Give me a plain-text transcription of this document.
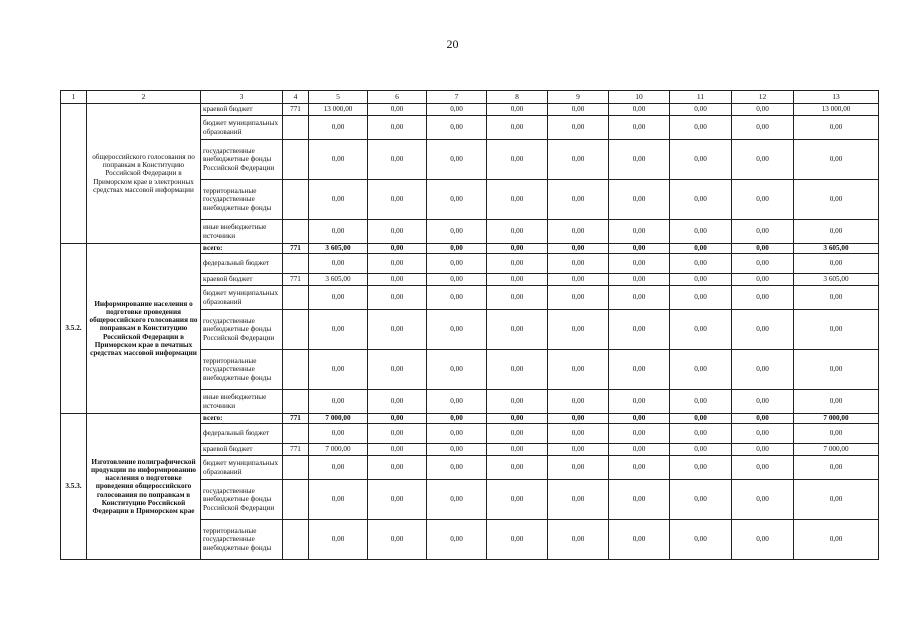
20
1	2	3	4	5	6	7	8	9	10	11	12	13
	общероссийского голосования по поправкам в Конституцию Российской Федерации в Приморском крае в электронных средствах массовой информации	краевой бюджет	771	13 000,00	0,00	0,00	0,00	0,00	0,00	0,00	0,00	13 000,00
		бюджет муниципальных образований		0,00	0,00	0,00	0,00	0,00	0,00	0,00	0,00	0,00
		государственные внебюджетные фонды Российской Федерации		0,00	0,00	0,00	0,00	0,00	0,00	0,00	0,00	0,00
		территориальные государственные внебюджетные фонды		0,00	0,00	0,00	0,00	0,00	0,00	0,00	0,00	0,00
		иные внебюджетные источники		0,00	0,00	0,00	0,00	0,00	0,00	0,00	0,00	0,00
3.5.2.	Информирование населения о подготовке проведения общероссийского голосования по поправкам в Конституцию Российской Федерации в Приморском крае в печатных средствах массовой информации	всего:	771	3 605,00	0,00	0,00	0,00	0,00	0,00	0,00	0,00	3 605,00
		федеральный бюджет		0,00	0,00	0,00	0,00	0,00	0,00	0,00	0,00	0,00
		краевой бюджет	771	3 605,00	0,00	0,00	0,00	0,00	0,00	0,00	0,00	3 605,00
		бюджет муниципальных образований		0,00	0,00	0,00	0,00	0,00	0,00	0,00	0,00	0,00
		государственные внебюджетные фонды Российской Федерации		0,00	0,00	0,00	0,00	0,00	0,00	0,00	0,00	0,00
		территориальные государственные внебюджетные фонды		0,00	0,00	0,00	0,00	0,00	0,00	0,00	0,00	0,00
		иные внебюджетные источники		0,00	0,00	0,00	0,00	0,00	0,00	0,00	0,00	0,00
3.5.3.	Изготовление полиграфической продукции по информированию населения о подготовке проведения общероссийского голосования по поправкам в Конституцию Российской Федерации в Приморском крае	всего:	771	7 000,00	0,00	0,00	0,00	0,00	0,00	0,00	0,00	7 000,00
		федеральный бюджет		0,00	0,00	0,00	0,00	0,00	0,00	0,00	0,00	0,00
		краевой бюджет	771	7 000,00	0,00	0,00	0,00	0,00	0,00	0,00	0,00	7 000,00
		бюджет муниципальных образований		0,00	0,00	0,00	0,00	0,00	0,00	0,00	0,00	0,00
		государственные внебюджетные фонды Российской Федерации		0,00	0,00	0,00	0,00	0,00	0,00	0,00	0,00	0,00
		территориальные государственные внебюджетные фонды		0,00	0,00	0,00	0,00	0,00	0,00	0,00	0,00	0,00
